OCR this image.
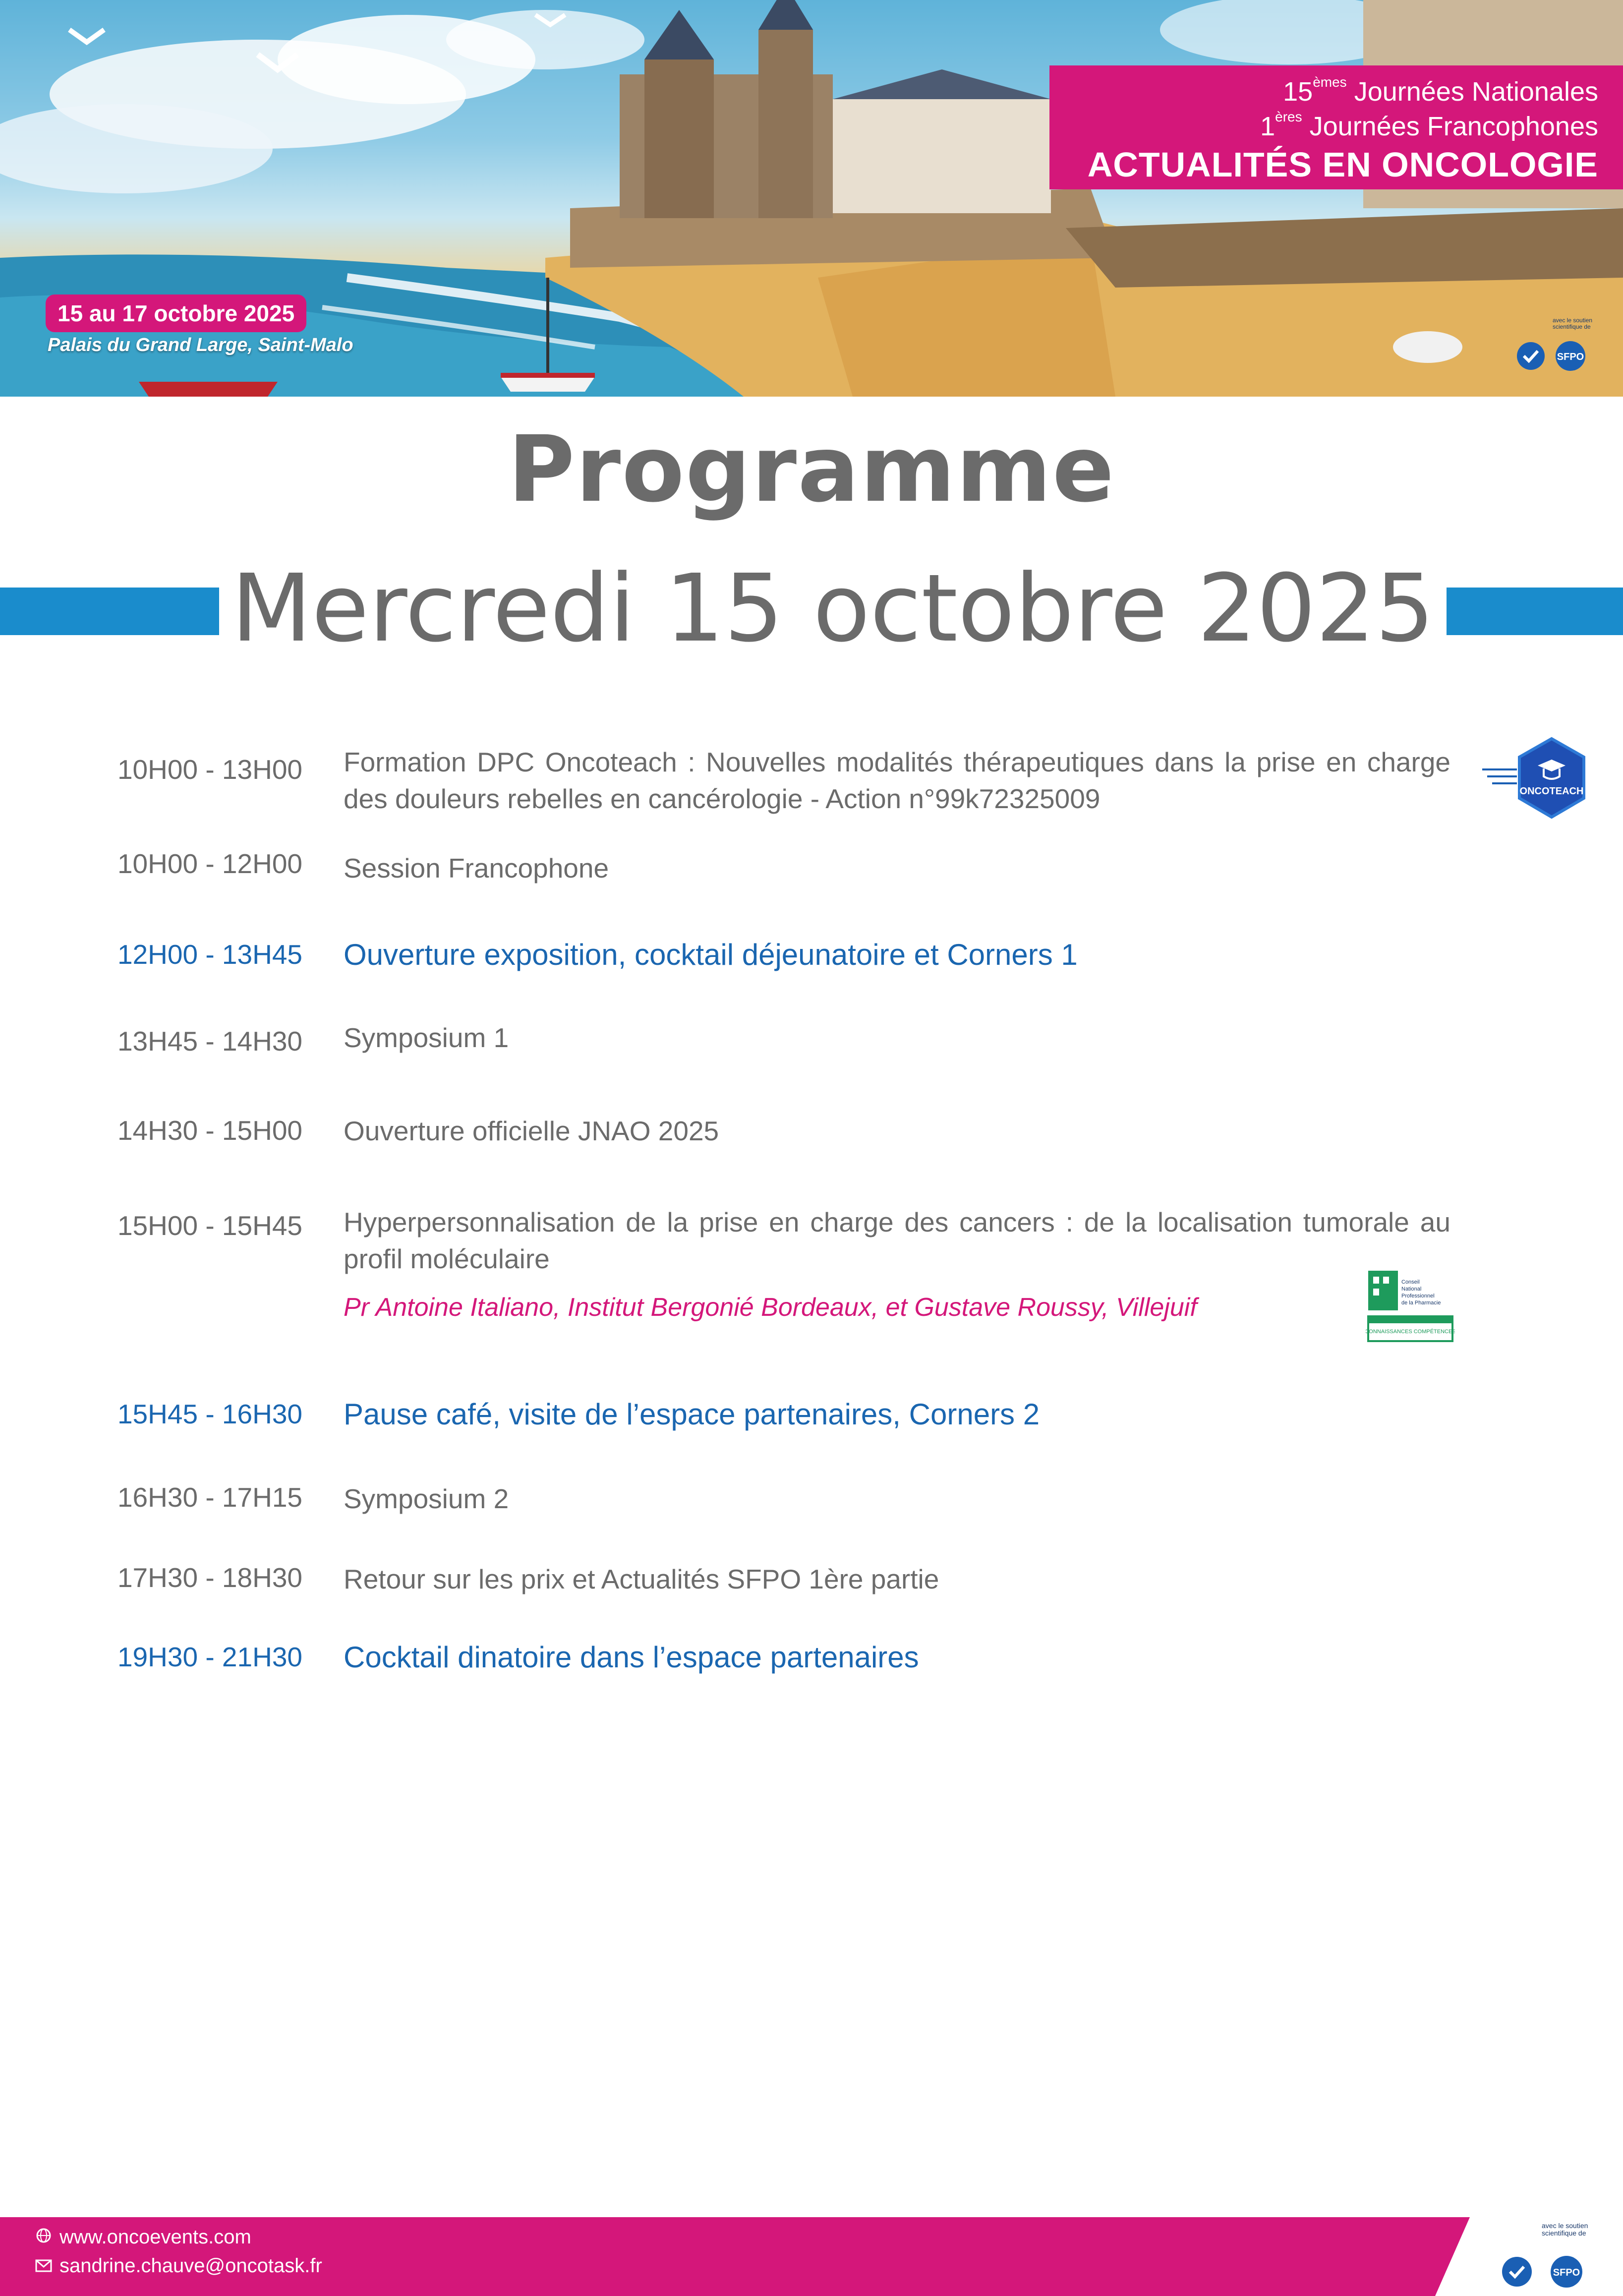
15èmes Journées Nationales
1ères Journées Francophones
ACTUALITÉS EN ONCOLOGIE
15 au 17 octobre 2025
Palais du Grand Large, Saint-Malo
avec le soutien scientifique de
SFPO
Programme
Mercredi 15 octobre 2025
10H00 - 13H00 Formation DPC Oncoteach : Nouvelles modalités thérapeutiques dans la prise en charge des douleurs rebelles en cancérologie - Action n°99k72325009
10H00 - 12H00 Session Francophone
12H00 - 13H45 Ouverture exposition, cocktail déjeunatoire et Corners 1
13H45 - 14H30 Symposium 1
14H30 - 15H00 Ouverture officielle JNAO 2025
15H00 - 15H45 Hyperpersonnalisation de la prise en charge des cancers : de la localisation tumorale au profil moléculaire
Pr Antoine Italiano, Institut Bergonié Bordeaux, et Gustave Roussy, Villejuif
15H45 - 16H30 Pause café, visite de l’espace partenaires, Corners 2
16H30 - 17H15 Symposium 2
17H30 - 18H30 Retour sur les prix et Actualités SFPO 1ère partie
19H30 - 21H30 Cocktail dinatoire dans l’espace partenaires
ONCOTEACH
Conseil
National
Professionnel
de la Pharmacie
CONNAISSANCES COMPÉTENCES
www.oncoevents.com
sandrine.chauve@oncotask.fr
avec le soutien scientifique de
SFPO
